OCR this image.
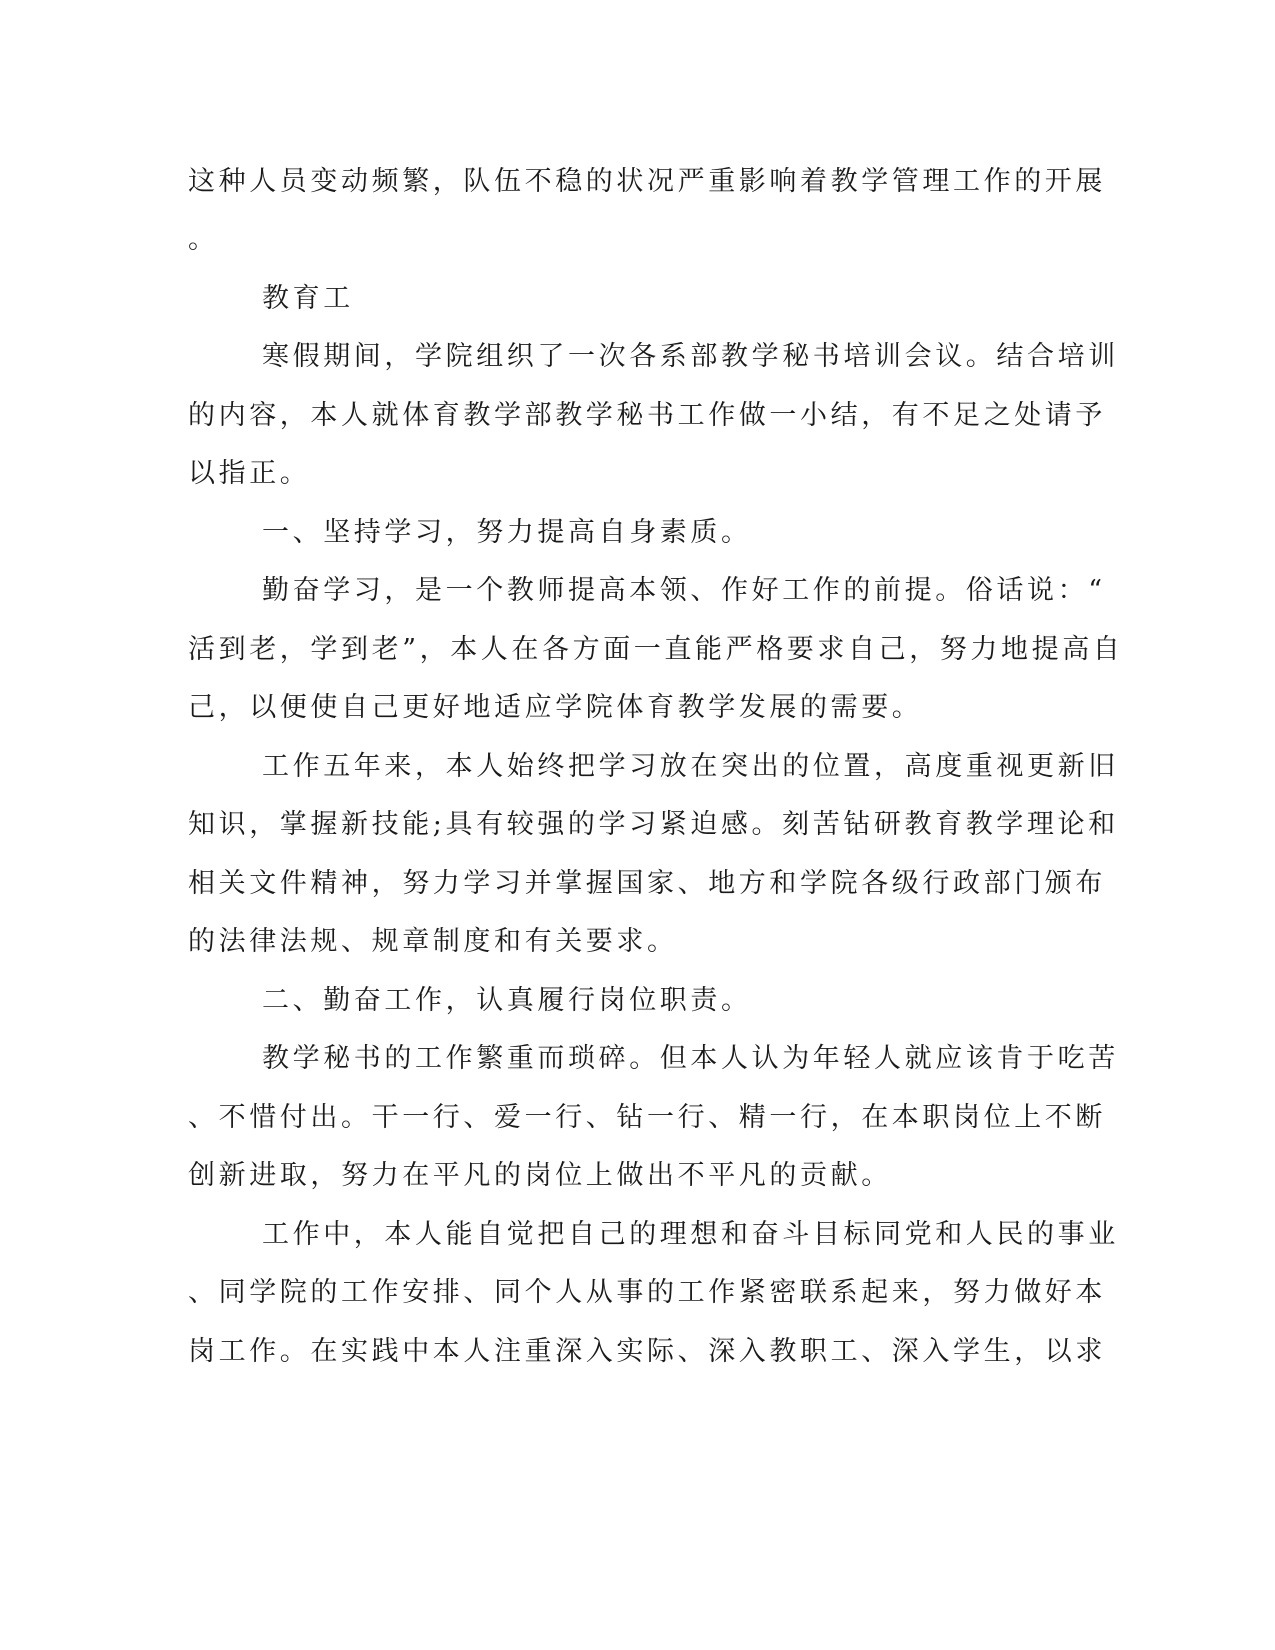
这种人员变动频繁，队伍不稳的状况严重影响着教学管理工作的开展

。

教育工

寒假期间，学院组织了一次各系部教学秘书培训会议。结合培训

的内容，本人就体育教学部教学秘书工作做一小结，有不足之处请予

以指正。

一、坚持学习，努力提高自身素质。

勤奋学习，是一个教师提高本领、作好工作的前提。俗话说：“

活到老，学到老”，本人在各方面一直能严格要求自己，努力地提高自

己，以便使自己更好地适应学院体育教学发展的需要。

工作五年来，本人始终把学习放在突出的位置，高度重视更新旧

知识，掌握新技能;具有较强的学习紧迫感。刻苦钻研教育教学理论和

相关文件精神，努力学习并掌握国家、地方和学院各级行政部门颁布

的法律法规、规章制度和有关要求。

二、勤奋工作，认真履行岗位职责。

教学秘书的工作繁重而琐碎。但本人认为年轻人就应该肯于吃苦

、不惜付出。干一行、爱一行、钻一行、精一行，在本职岗位上不断

创新进取，努力在平凡的岗位上做出不平凡的贡献。

工作中，本人能自觉把自己的理想和奋斗目标同党和人民的事业

、同学院的工作安排、同个人从事的工作紧密联系起来，努力做好本

岗工作。在实践中本人注重深入实际、深入教职工、深入学生，以求
